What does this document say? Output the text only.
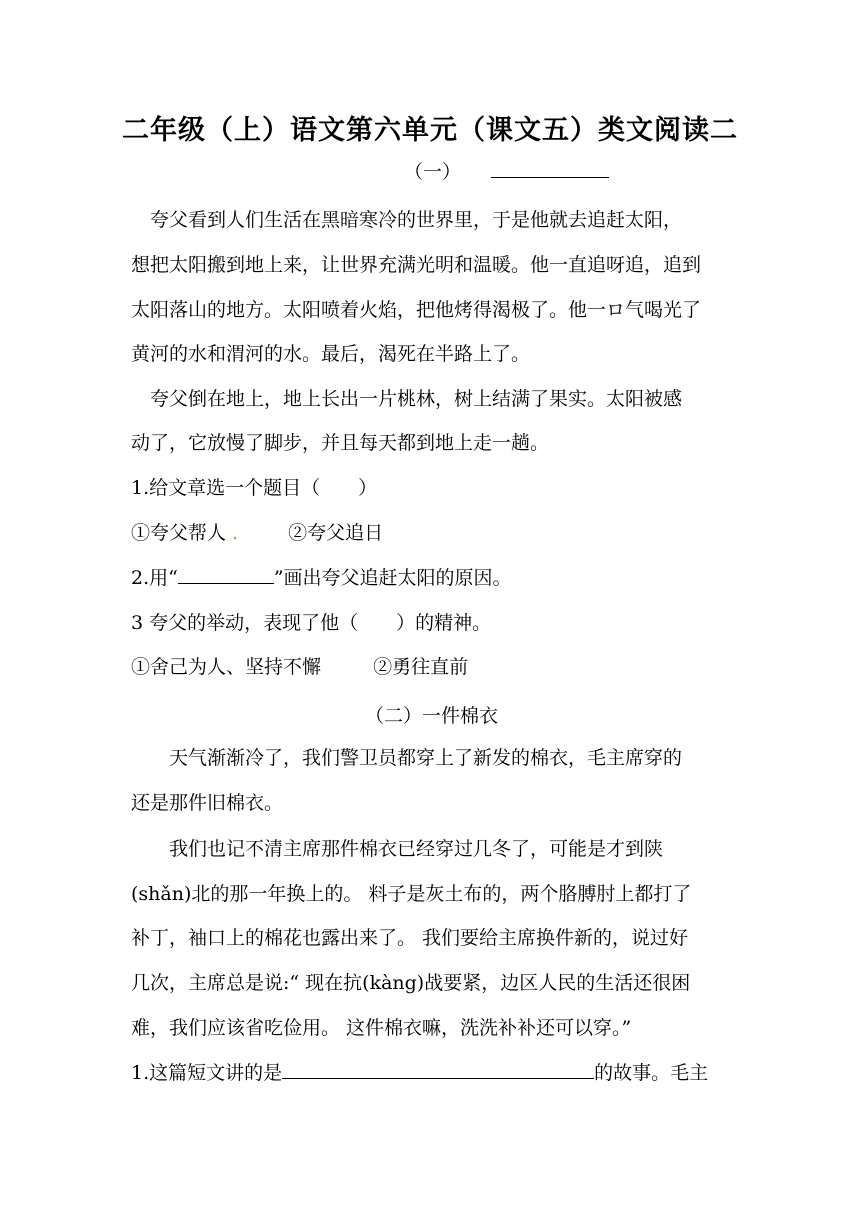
二年级（上）语文第六单元（课文五）类文阅读二
（一）
　夸父看到人们生活在黑暗寒冷的世界里，于是他就去追赶太阳，
想把太阳搬到地上来，让世界充满光明和温暖。他一直追呀追，追到
太阳落山的地方。太阳喷着火焰，把他烤得渴极了。他一ロ气喝光了
黄河的水和渭河的水。最后，渴死在半路上了。
　夸父倒在地上，地上长出一片桃林，树上结满了果实。太阳被感
动了，它放慢了脚步，并且每天都到地上走一趟。
1.给文章选一个题目（　　）
①夸父帮人 .	②夸父追日
2.用“	”画出夸父追赶太阳的原因。
3 夸父的举动，表现了他（　　）的精神。
①舍己为人、坚持不懈	②勇往直前
（二）一件棉衣
　　天气渐渐冷了，我们警卫员都穿上了新发的棉衣，毛主席穿的
还是那件旧棉衣。
　　我们也记不清主席那件棉衣已经穿过几冬了，可能是才到陕
(shǎn)北的那一年换上的。 料子是灰土布的，两个胳膊肘上都打了
补丁，袖口上的棉花也露出来了。 我们要给主席换件新的，说过好
几次，主席总是说:“ 现在抗(kàng)战要紧，边区人民的生活还很困
难，我们应该省吃俭用。 这件棉衣嘛，洗洗补补还可以穿。”
1.这篇短文讲的是	的故事。毛主
